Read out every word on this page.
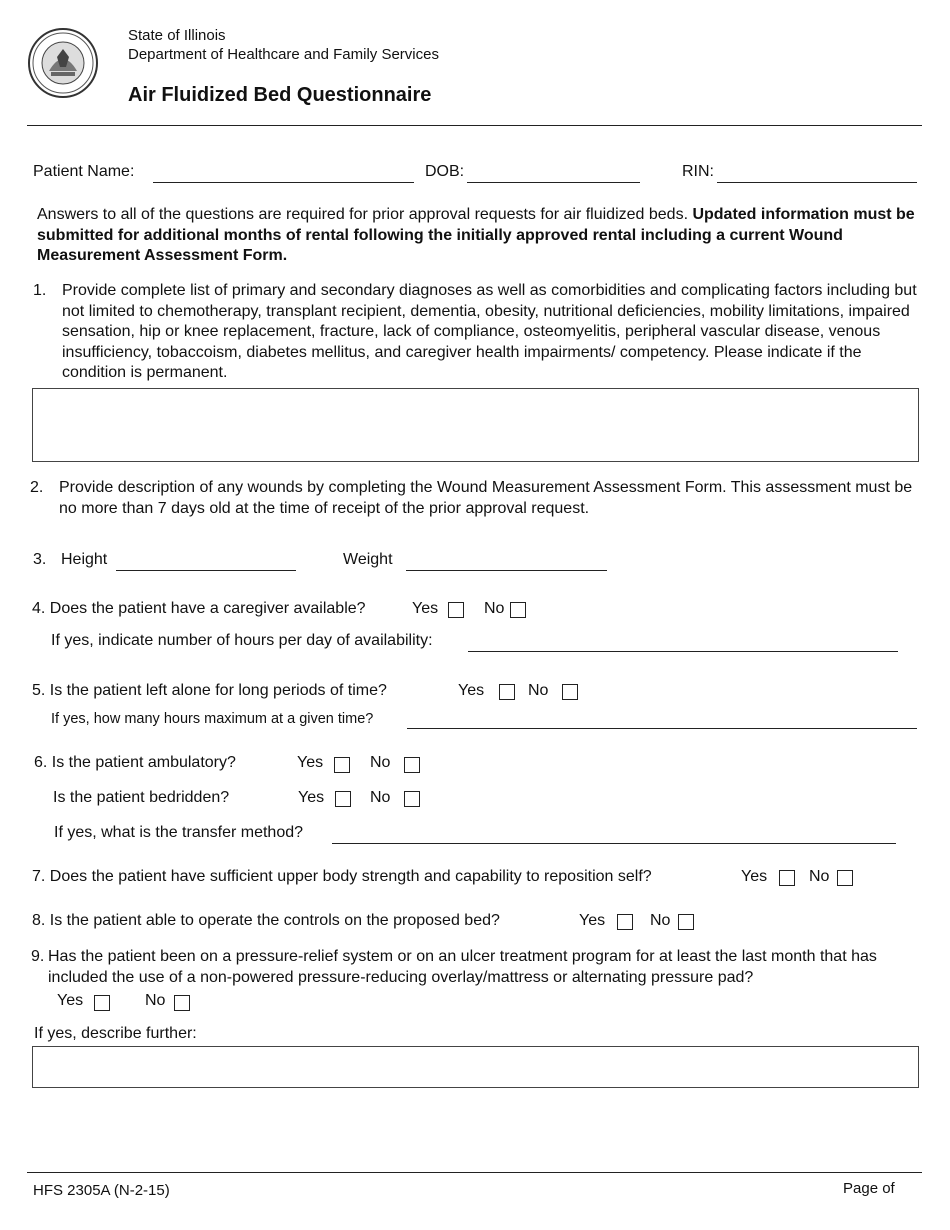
State of Illinois
Department of Healthcare and Family Services
Air Fluidized Bed Questionnaire
Patient Name:	DOB:	RIN:
Answers to all of the questions are required for prior approval requests for air fluidized beds. Updated information must be submitted for additional months of rental following the initially approved rental including a current Wound Measurement Assessment Form.
1. Provide complete list of primary and secondary diagnoses as well as comorbidities and complicating factors including but not limited to chemotherapy, transplant recipient, dementia, obesity, nutritional deficiencies, mobility limitations, impaired sensation, hip or knee replacement, fracture, lack of compliance, osteomyelitis, peripheral vascular disease, venous insufficiency, tobaccoism, diabetes mellitus, and caregiver health impairments/ competency. Please indicate if the condition is permanent.
2. Provide description of any wounds by completing the Wound Measurement Assessment Form. This assessment must be no more than 7 days old at the time of receipt of the prior approval request.
3. Height	Weight
4. Does the patient have a caregiver available?	Yes	No
If yes, indicate number of hours per day of availability:
5. Is the patient left alone for long periods of time?	Yes	No
If yes, how many hours maximum at a given time?
6. Is the patient ambulatory?	Yes	No
Is the patient bedridden?	Yes	No
If yes, what is the transfer method?
7. Does the patient have sufficient upper body strength and capability to reposition self?	Yes	No
8. Is the patient able to operate the controls on the proposed bed?	Yes	No
9. Has the patient been on a pressure-relief system or on an ulcer treatment program for at least the last month that has included the use of a non-powered pressure-reducing overlay/mattress or alternating pressure pad?
Yes	No
If yes, describe further:
HFS 2305A (N-2-15)	Page of
